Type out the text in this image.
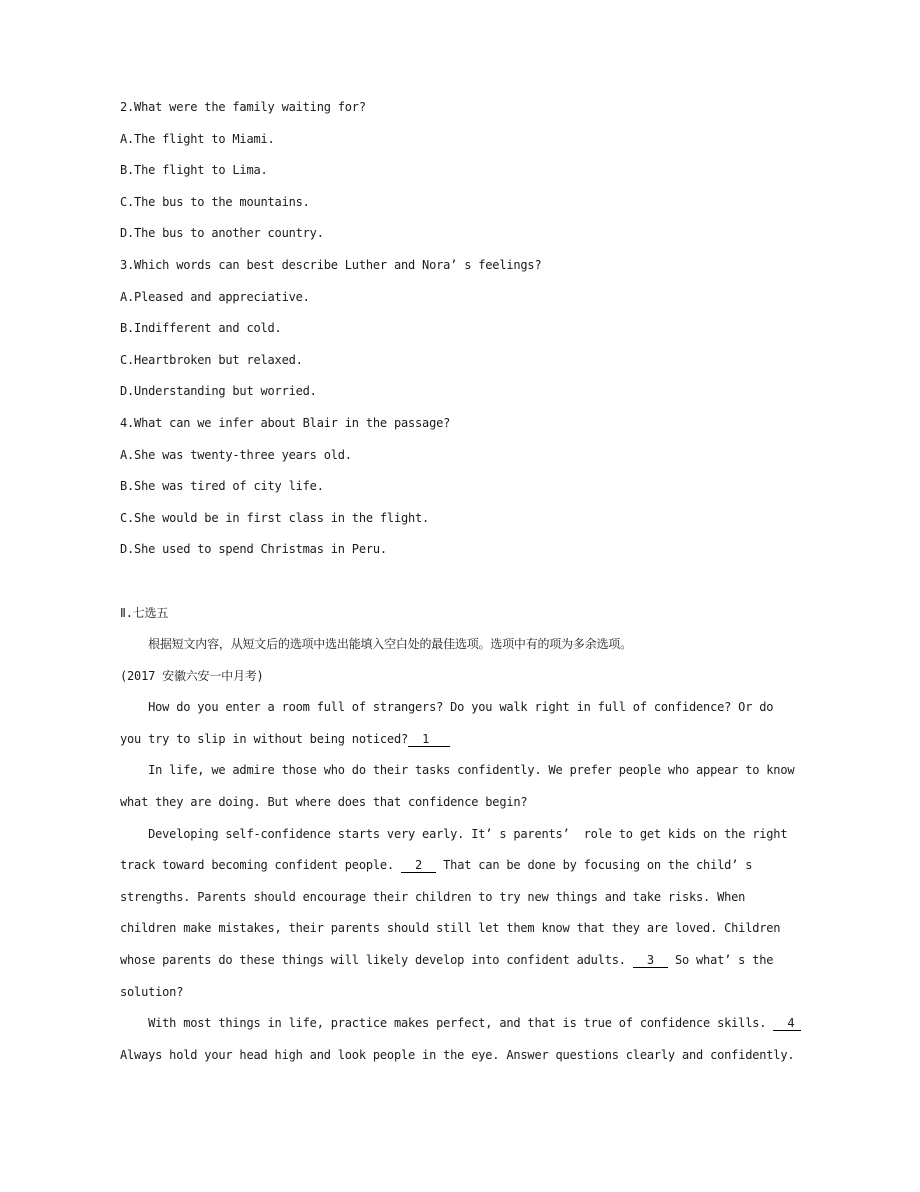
2.What were the family waiting for?
A.The flight to Miami.
B.The flight to Lima.
C.The bus to the mountains.
D.The bus to another country.
3.Which words can best describe Luther and Nora’ s feelings?
A.Pleased and appreciative.
B.Indifferent and cold.
C.Heartbroken but relaxed.
D.Understanding but worried.
4.What can we infer about Blair in the passage?
A.She was twenty-three years old.
B.She was tired of city life.
C.She would be in first class in the flight.
D.She used to spend Christmas in Peru.
Ⅱ.七选五
根据短文内容，从短文后的选项中选出能填入空白处的最佳选项。选项中有的项为多余选项。
(2017 安徽六安一中月考)
How do you enter a room full of strangers? Do you walk right in full of confidence? Or do
you try to slip in without being noticed?  1
In life, we admire those who do their tasks confidently. We prefer people who appear to know
what they are doing. But where does that confidence begin?
Developing self-confidence starts very early. It’ s parents’  role to get kids on the right
track toward becoming confident people.   2   That can be done by focusing on the child’ s
strengths. Parents should encourage their children to try new things and take risks. When
children make mistakes, their parents should still let them know that they are loved. Children
whose parents do these things will likely develop into confident adults.   3   So what’ s the
solution?
With most things in life, practice makes perfect, and that is true of confidence skills.   4
Always hold your head high and look people in the eye. Answer questions clearly and confidently.
